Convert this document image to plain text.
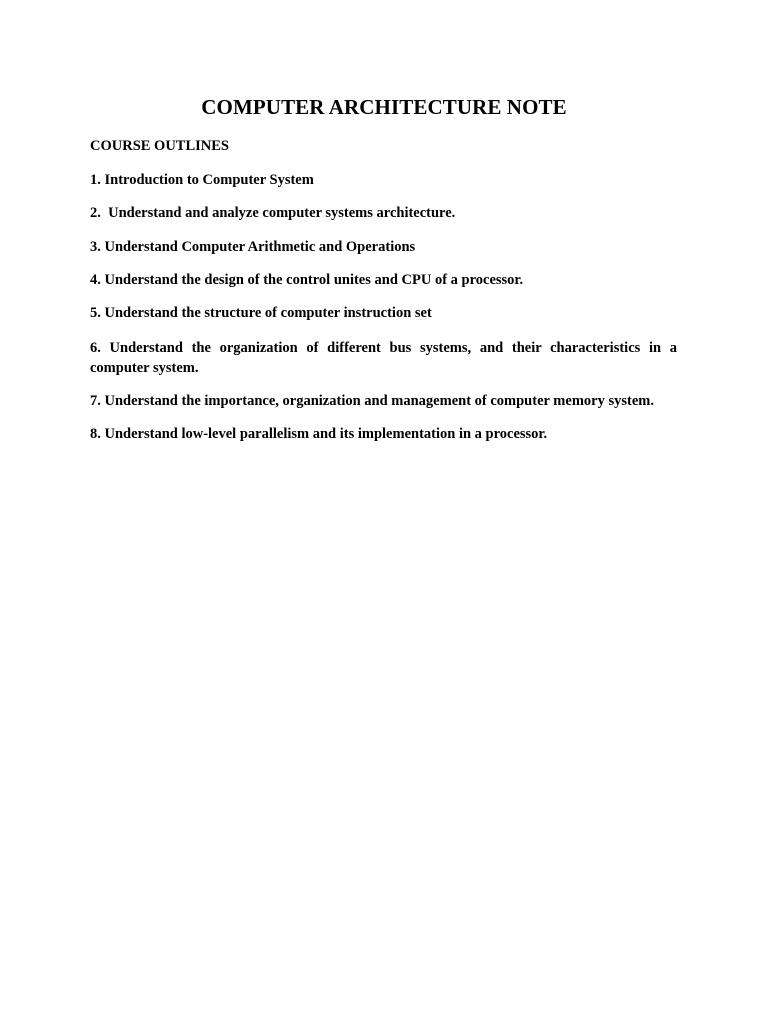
COMPUTER ARCHITECTURE NOTE
COURSE OUTLINES

1. Introduction to Computer System

2.  Understand and analyze computer systems architecture.

3. Understand Computer Arithmetic and Operations

4. Understand the design of the control unites and CPU of a processor.

5. Understand the structure of computer instruction set

6. Understand the organization of different bus systems, and their characteristics in a computer system.

7. Understand the importance, organization and management of computer memory system.

8. Understand low-level parallelism and its implementation in a processor.
